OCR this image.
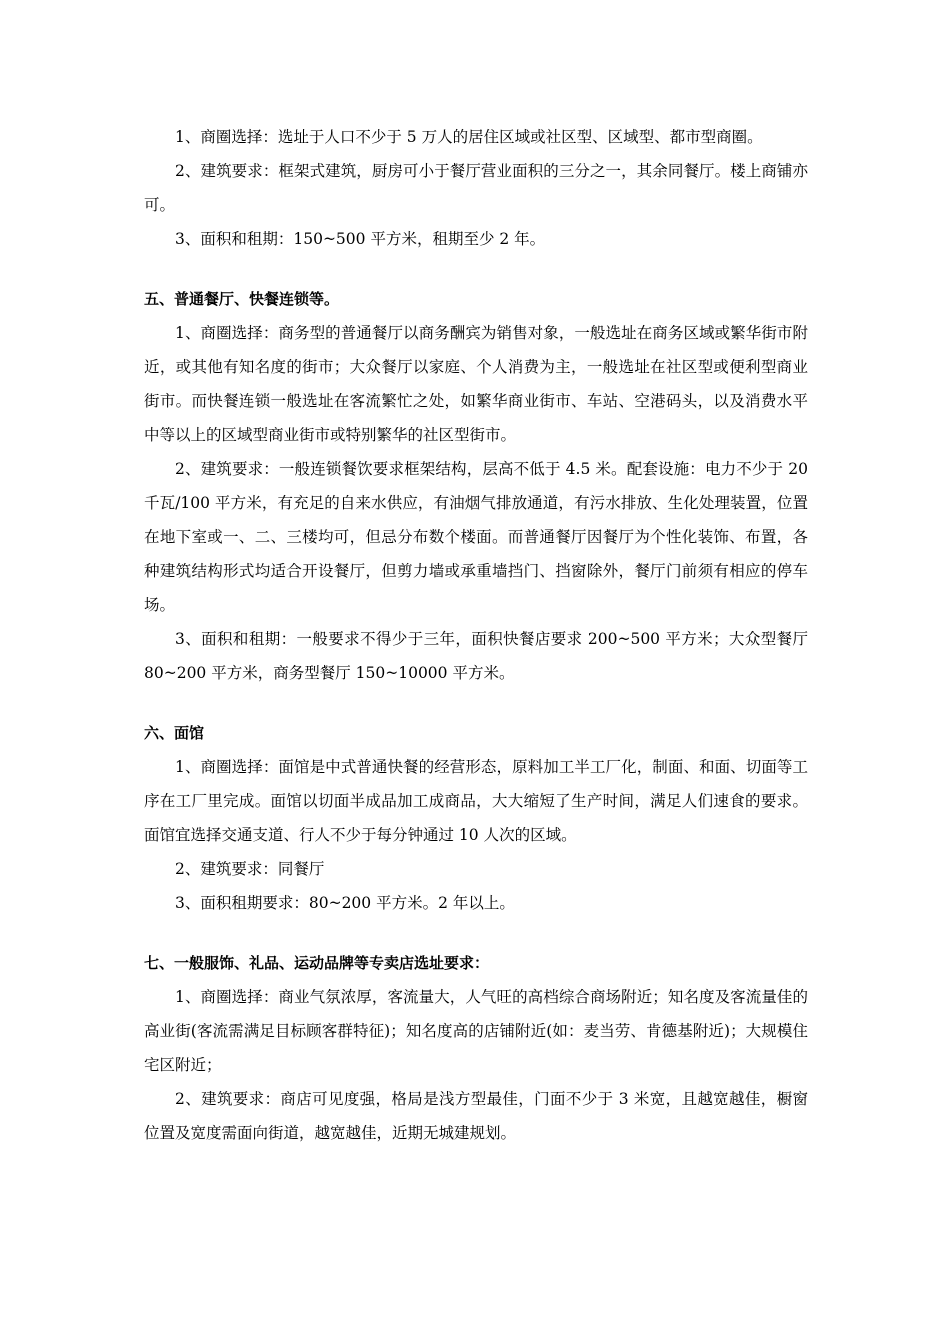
1、商圈选择：选址于人口不少于 5 万人的居住区域或社区型、区域型、都市型商圈。

2、建筑要求：框架式建筑，厨房可小于餐厅营业面积的三分之一，其余同餐厅。楼上商铺亦可。

3、面积和租期：150~500 平方米，租期至少 2 年。

五、普通餐厅、快餐连锁等。

1、商圈选择：商务型的普通餐厅以商务酬宾为销售对象，一般选址在商务区域或繁华街市附近，或其他有知名度的街市；大众餐厅以家庭、个人消费为主，一般选址在社区型或便利型商业街市。而快餐连锁一般选址在客流繁忙之处，如繁华商业街市、车站、空港码头，以及消费水平中等以上的区域型商业街市或特别繁华的社区型街市。

2、建筑要求：一般连锁餐饮要求框架结构，层高不低于 4.5 米。配套设施：电力不少于 20 千瓦/100 平方米，有充足的自来水供应，有油烟气排放通道，有污水排放、生化处理装置，位置在地下室或一、二、三楼均可，但忌分布数个楼面。而普通餐厅因餐厅为个性化装饰、布置，各种建筑结构形式均适合开设餐厅，但剪力墙或承重墙挡门、挡窗除外，餐厅门前须有相应的停车场。

3、面积和租期：一般要求不得少于三年，面积快餐店要求 200~500 平方米；大众型餐厅 80~200 平方米，商务型餐厅 150~10000 平方米。

六、面馆

1、商圈选择：面馆是中式普通快餐的经营形态，原料加工半工厂化，制面、和面、切面等工序在工厂里完成。面馆以切面半成品加工成商品，大大缩短了生产时间，满足人们速食的要求。面馆宜选择交通支道、行人不少于每分钟通过 10 人次的区域。

2、建筑要求：同餐厅

3、面积租期要求：80~200 平方米。2 年以上。

七、一般服饰、礼品、运动品牌等专卖店选址要求：

1、商圈选择：商业气氛浓厚，客流量大，人气旺的高档综合商场附近；知名度及客流量佳的高业街(客流需满足目标顾客群特征)；知名度高的店铺附近(如：麦当劳、肯德基附近)；大规模住宅区附近；

2、建筑要求：商店可见度强，格局是浅方型最佳，门面不少于 3 米宽，且越宽越佳，橱窗位置及宽度需面向街道，越宽越佳，近期无城建规划。
